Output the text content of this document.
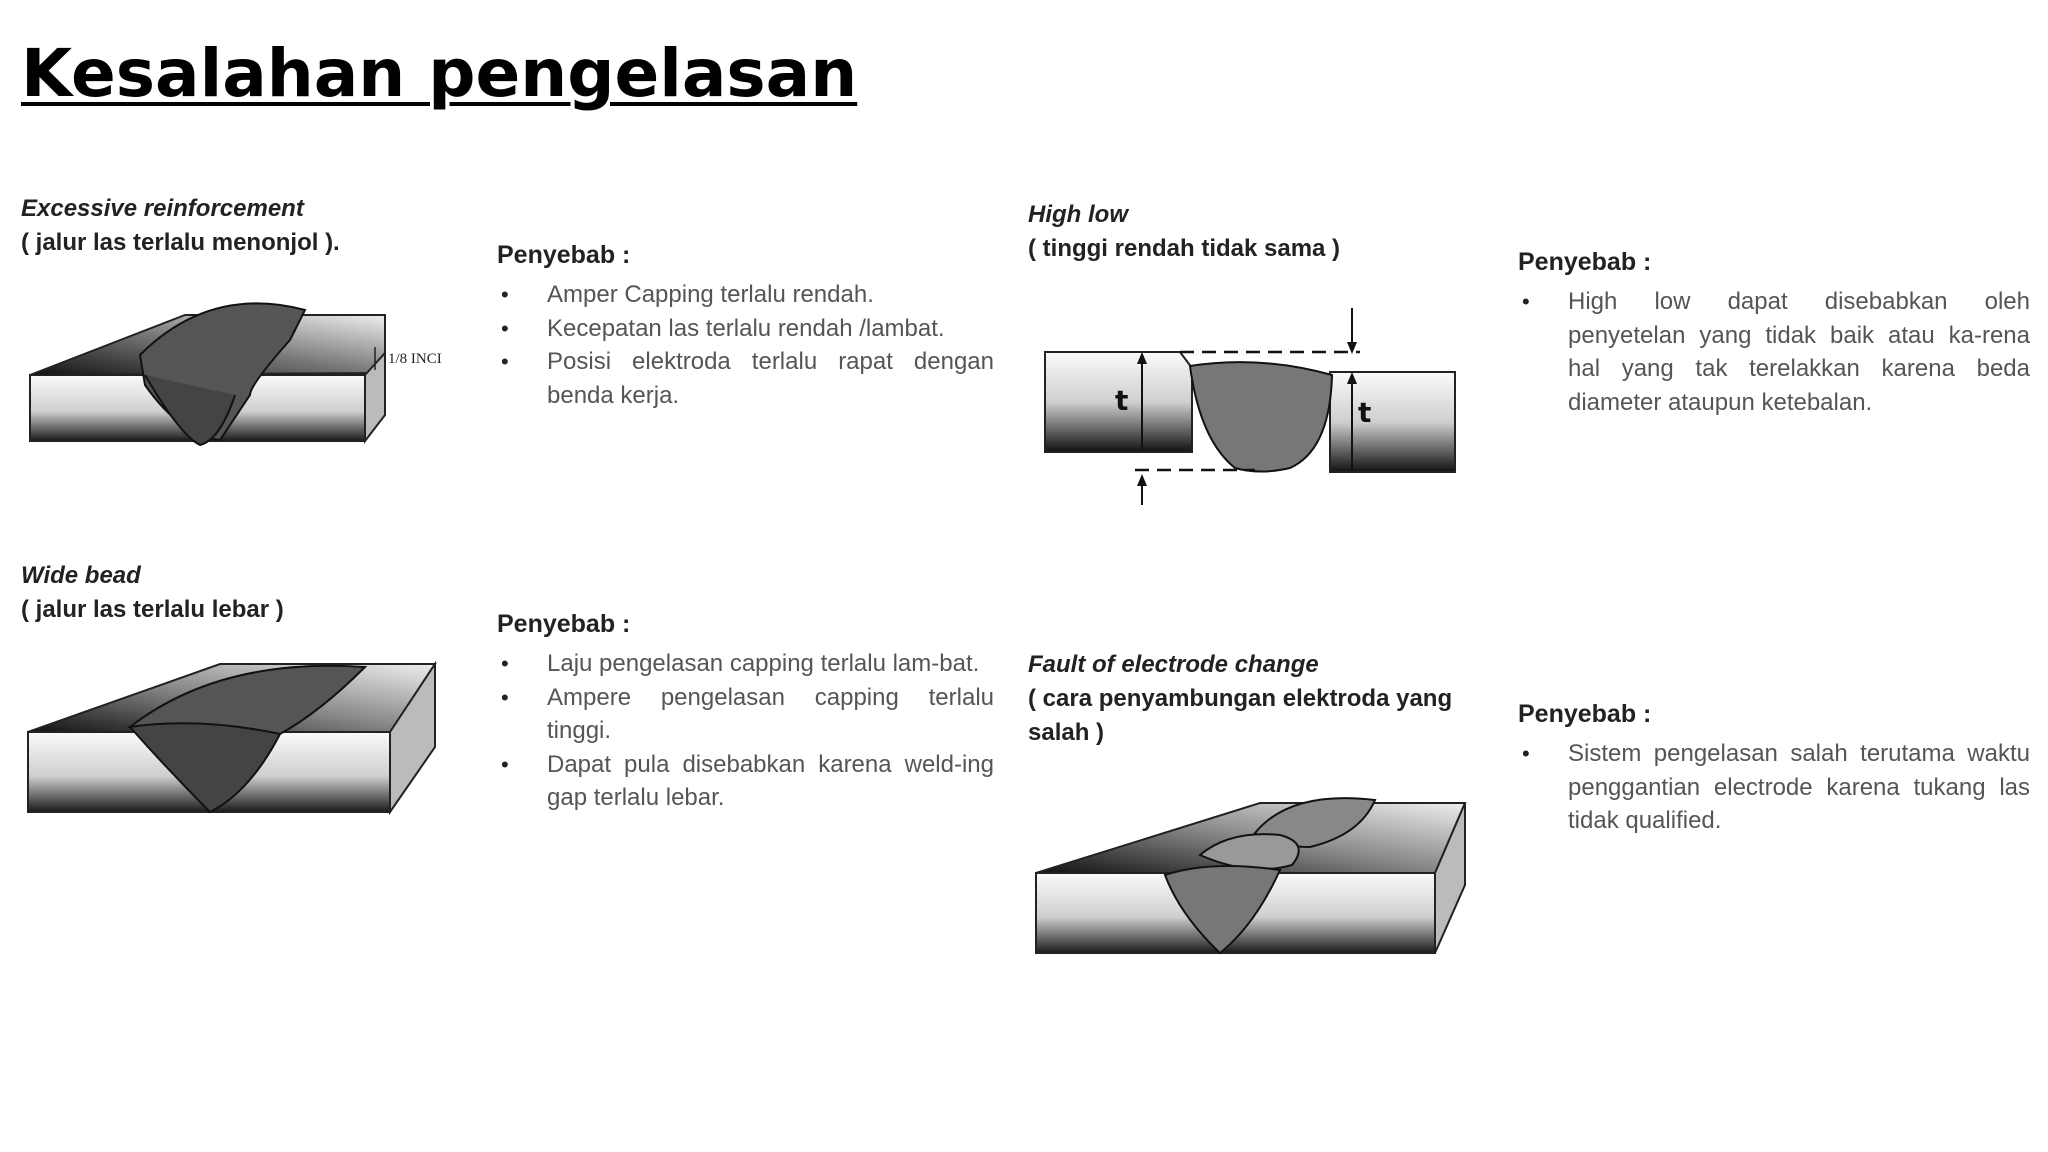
Kesalahan pengelasan
Excessive reinforcement
( jalur las terlalu menonjol ).
1/8 INCI
Penyebab :
• Amper Capping terlalu rendah.
• Kecepatan las terlalu rendah /lambat.
• Posisi elektroda terlalu rapat dengan benda kerja.
High low
( tinggi rendah tidak sama )
t	t
Penyebab :
• High low dapat disebabkan oleh penyetelan yang tidak baik atau ka-rena hal yang tak terelakkan karena beda diameter ataupun ketebalan.
Wide bead
( jalur las terlalu lebar )
Penyebab :
• Laju pengelasan capping terlalu lam-bat.
• Ampere pengelasan capping terlalu tinggi.
• Dapat pula disebabkan karena weld-ing gap terlalu lebar.
Fault of electrode change
( cara penyambungan elektroda yang salah )
Penyebab :
• Sistem pengelasan salah terutama waktu penggantian electrode karena tukang las tidak qualified.
